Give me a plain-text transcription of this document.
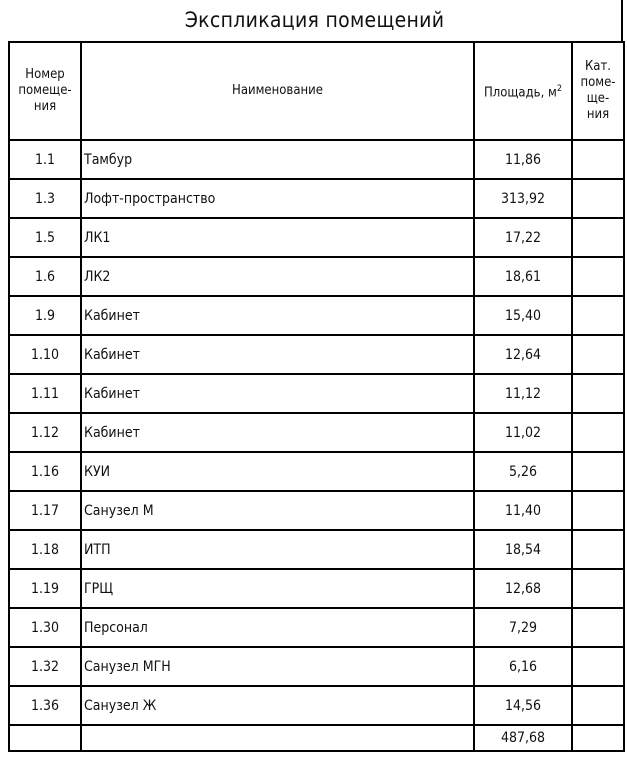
Экспликация помещений
Номер
помеще-
ния	Наименование	Площадь, $м^2$	Кат.
поме-
ще-
ния
1.1	Тамбур	11,86	
1.3	Лофт-пространство	313,92	
1.5	ЛК1	17,22	
1.6	ЛК2	18,61	
1.9	Кабинет	15,40	
1.10	Кабинет	12,64	
1.11	Кабинет	11,12	
1.12	Кабинет	11,02	
1.16	КУИ	5,26	
1.17	Санузел М	11,40	
1.18	ИТП	18,54	
1.19	ГРЩ	12,68	
1.30	Персонал	7,29	
1.32	Санузел МГН	6,16	
1.36	Санузел Ж	14,56	
		487,68	
